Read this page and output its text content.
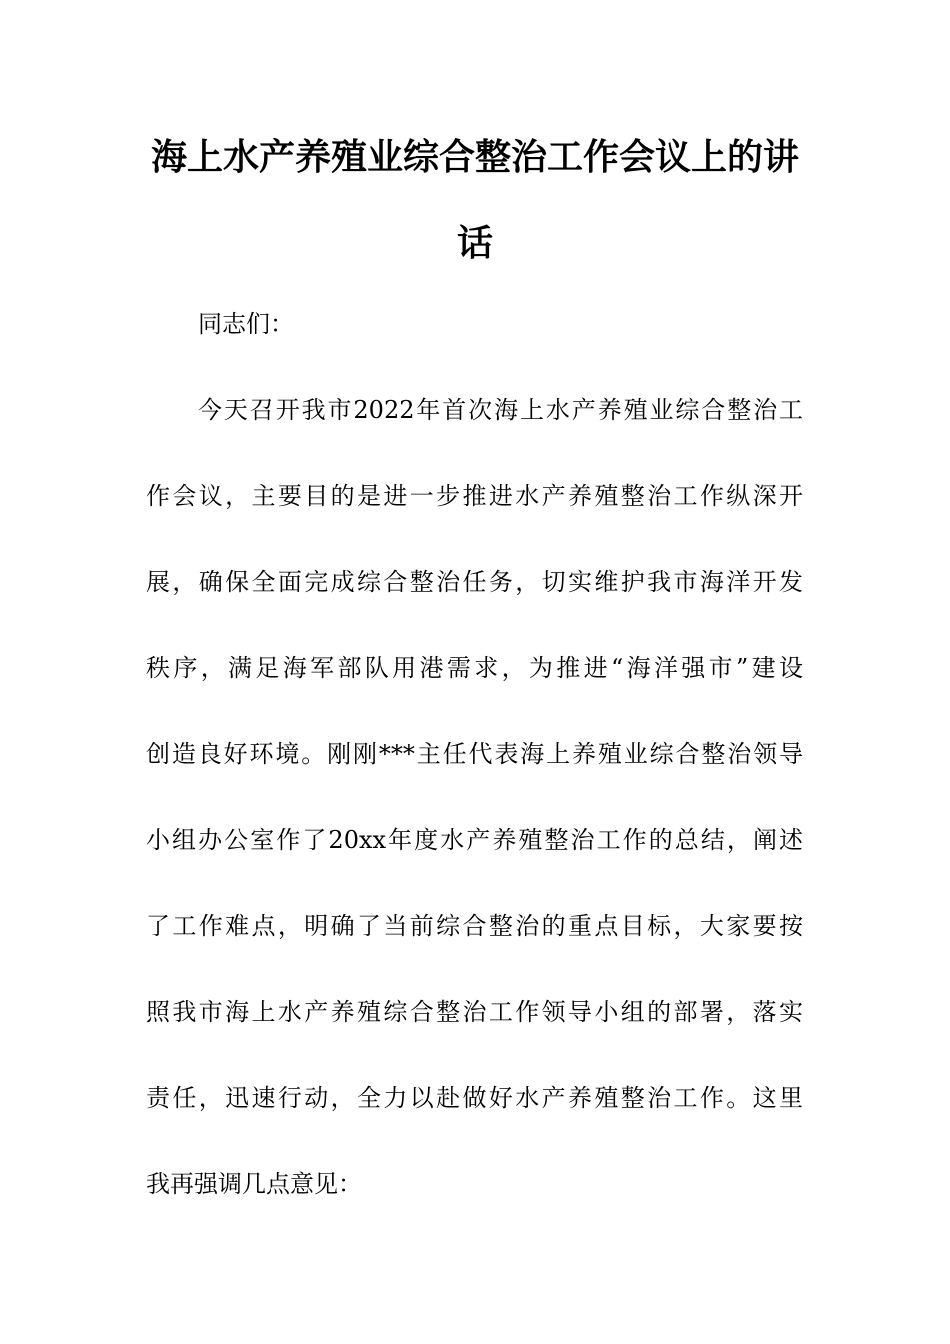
海上水产养殖业综合整治工作会议上的讲
话
同志们：
今天召开我市2022年首次海上水产养殖业综合整治工
作会议，主要目的是进一步推进水产养殖整治工作纵深开
展，确保全面完成综合整治任务，切实维护我市海洋开发
秩序，满足海军部队用港需求，为推进“海洋强市”建设
创造良好环境。刚刚***主任代表海上养殖业综合整治领导
小组办公室作了20xx年度水产养殖整治工作的总结，阐述
了工作难点，明确了当前综合整治的重点目标，大家要按
照我市海上水产养殖综合整治工作领导小组的部署，落实
责任，迅速行动，全力以赴做好水产养殖整治工作。这里
我再强调几点意见：
